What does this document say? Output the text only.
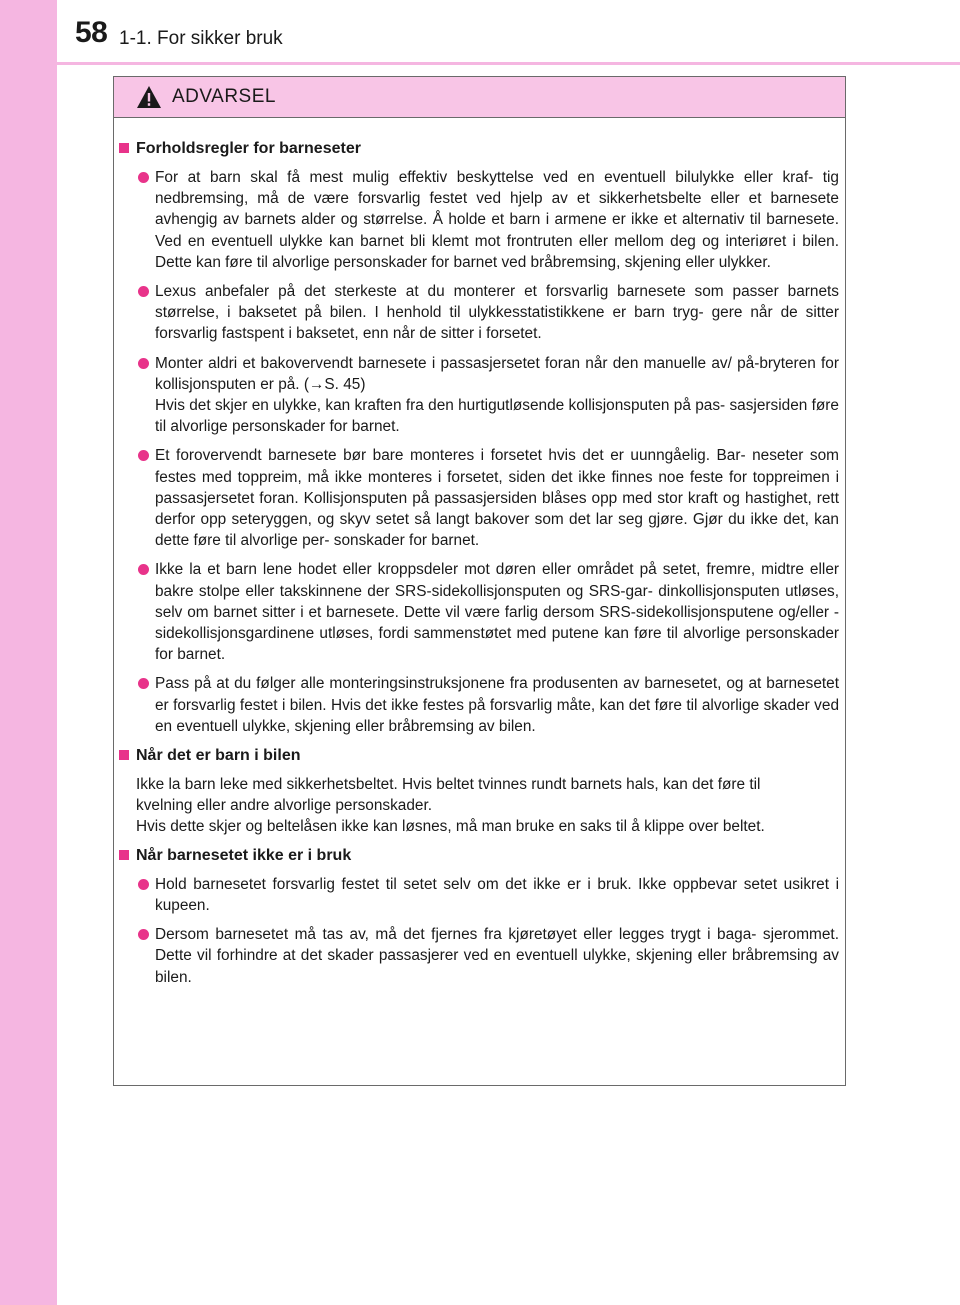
58 1-1. For sikker bruk
ADVARSEL
Forholdsregler for barneseter
For at barn skal få mest mulig effektiv beskyttelse ved en eventuell bilulykke eller kraf- tig nedbremsing, må de være forsvarlig festet ved hjelp av et sikkerhetsbelte eller et barnesete avhengig av barnets alder og størrelse. Å holde et barn i armene er ikke et alternativ til barnesete. Ved en eventuell ulykke kan barnet bli klemt mot frontruten eller mellom deg og interiøret i bilen. Dette kan føre til alvorlige personskader for barnet ved bråbremsing, skjening eller ulykker.
Lexus anbefaler på det sterkeste at du monterer et forsvarlig barnesete som passer barnets størrelse, i baksetet på bilen. I henhold til ulykkesstatistikkene er barn tryg- gere når de sitter forsvarlig fastspent i baksetet, enn når de sitter i forsetet.
Monter aldri et bakovervendt barnesete i passasjersetet foran når den manuelle av/ på-bryteren for kollisjonsputen er på. (→S. 45)
Hvis det skjer en ulykke, kan kraften fra den hurtigutløsende kollisjonsputen på pas- sasjersiden føre til alvorlige personskader for barnet.
Et forovervendt barnesete bør bare monteres i forsetet hvis det er uunngåelig. Bar- neseter som festes med toppreim, må ikke monteres i forsetet, siden det ikke finnes noe feste for toppreimen i passasjersetet foran. Kollisjonsputen på passasjersiden blåses opp med stor kraft og hastighet, rett derfor opp seteryggen, og skyv setet så langt bakover som det lar seg gjøre. Gjør du ikke det, kan dette føre til alvorlige per- sonskader for barnet.
Ikke la et barn lene hodet eller kroppsdeler mot døren eller området på setet, fremre, midtre eller bakre stolpe eller takskinnene der SRS-sidekollisjonsputen og SRS-gar- dinkollisjonsputen utløses, selv om barnet sitter i et barnesete. Dette vil være farlig dersom SRS-sidekollisjonsputene og/eller -sidekollisjonsgardinene utløses, fordi sammenstøtet med putene kan føre til alvorlige personskader for barnet.
Pass på at du følger alle monteringsinstruksjonene fra produsenten av barnesetet, og at barnesetet er forsvarlig festet i bilen. Hvis det ikke festes på forsvarlig måte, kan det føre til alvorlige skader ved en eventuell ulykke, skjening eller bråbremsing av bilen.
Når det er barn i bilen
Ikke la barn leke med sikkerhetsbeltet. Hvis beltet tvinnes rundt barnets hals, kan det føre til kvelning eller andre alvorlige personskader.
Hvis dette skjer og beltelåsen ikke kan løsnes, må man bruke en saks til å klippe over beltet.
Når barnesetet ikke er i bruk
Hold barnesetet forsvarlig festet til setet selv om det ikke er i bruk. Ikke oppbevar setet usikret i kupeen.
Dersom barnesetet må tas av, må det fjernes fra kjøretøyet eller legges trygt i baga- sjerommet. Dette vil forhindre at det skader passasjerer ved en eventuell ulykke, skjening eller bråbremsing av bilen.
